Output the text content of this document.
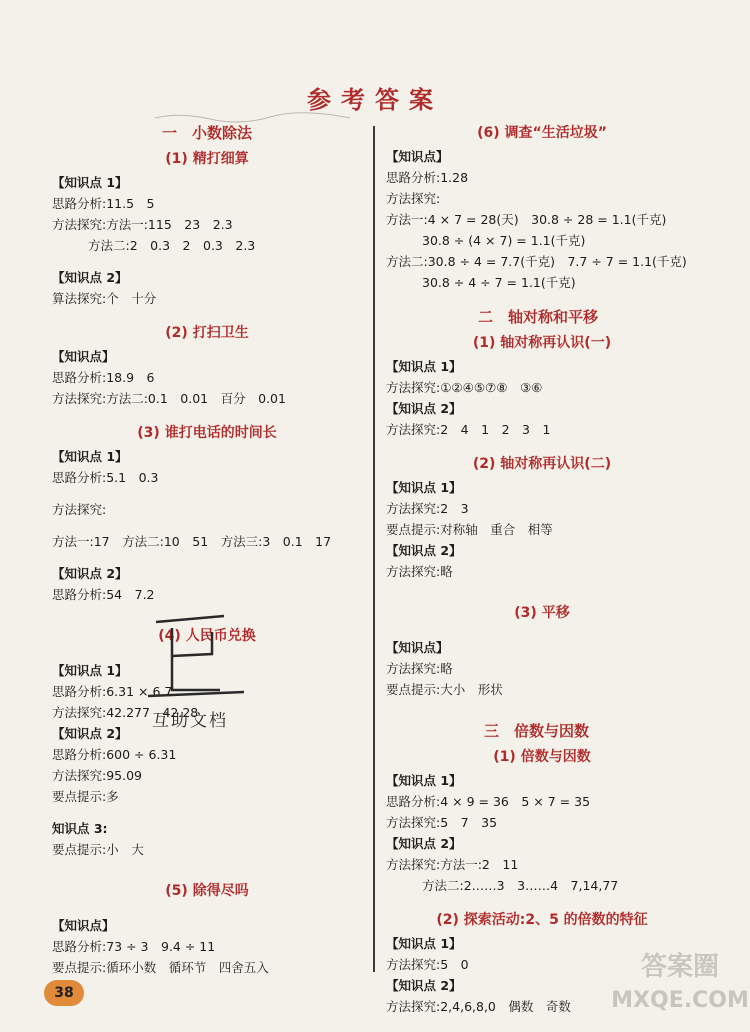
参考答案
一　小数除法
(1) 精打细算
【知识点 1】
思路分析:11.5　5
方法探究:方法一:115　23　2.3
方法二:2　0.3　2　0.3　2.3
【知识点 2】
算法探究:个　十分
(2) 打扫卫生
【知识点】
思路分析:18.9　6
方法探究:方法二:0.1　0.01　百分　0.01
(3) 谁打电话的时间长
【知识点 1】
思路分析:5.1　0.3
方法探究:
方法一:17　方法二:10　51　方法三:3　0.1　17
【知识点 2】
思路分析:54　7.2
(4) 人民币兑换
【知识点 1】
思路分析:6.31 × 6.7
方法探究:42.277　42.28
【知识点 2】
思路分析:600 ÷ 6.31
方法探究:95.09
要点提示:多
知识点 3:
要点提示:小　大
(5) 除得尽吗
【知识点】
思路分析:73 ÷ 3　9.4 ÷ 11
要点提示:循环小数　循环节　四舍五入
(6) 调查“生活垃圾”
【知识点】
思路分析:1.28
方法探究:
方法一:4 × 7 = 28(天)　30.8 ÷ 28 = 1.1(千克)
30.8 ÷ (4 × 7) = 1.1(千克)
方法二:30.8 ÷ 4 = 7.7(千克)　7.7 ÷ 7 = 1.1(千克)
30.8 ÷ 4 ÷ 7 = 1.1(千克)
二　轴对称和平移
(1) 轴对称再认识(一)
【知识点 1】
方法探究:①②④⑤⑦⑧　③⑥
【知识点 2】
方法探究:2　4　1　2　3　1
(2) 轴对称再认识(二)
【知识点 1】
方法探究:2　3
要点提示:对称轴　重合　相等
【知识点 2】
方法探究:略
(3) 平移
【知识点】
方法探究:略
要点提示:大小　形状
三　倍数与因数
(1) 倍数与因数
【知识点 1】
思路分析:4 × 9 = 36　5 × 7 = 35
方法探究:5　7　35
【知识点 2】
方法探究:方法一:2　11
方法二:2……3　3……4　7,14,77
(2) 探索活动:2、5 的倍数的特征
【知识点 1】
方法探究:5　0
【知识点 2】
方法探究:2,4,6,8,0　偶数　奇数
互助文档
38
答案圈
MXQE.COM
